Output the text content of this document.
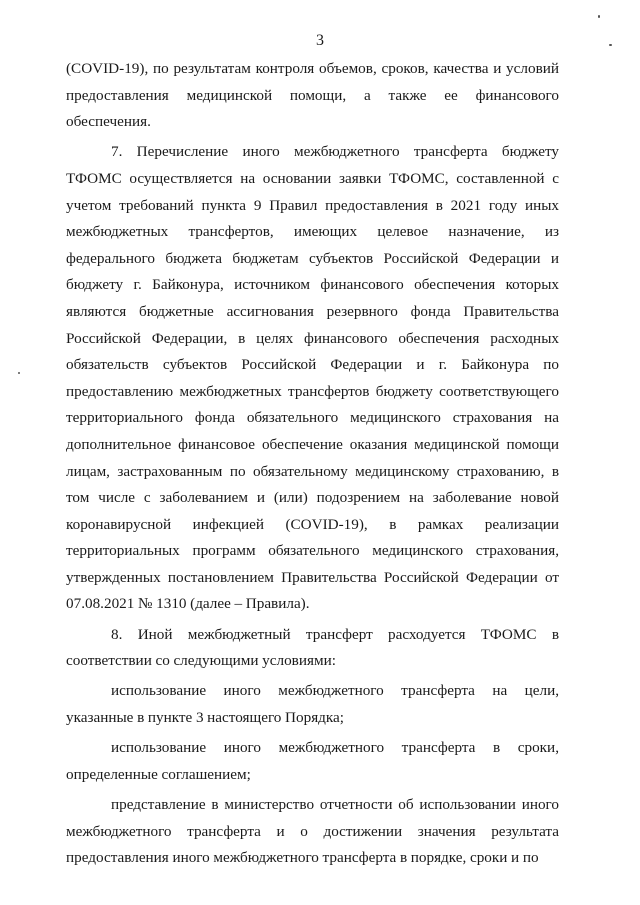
3

(COVID-19), по результатам контроля объемов, сроков, качества и условий предоставления медицинской помощи, а также ее финансового обеспечения.

7. Перечисление иного межбюджетного трансферта бюджету ТФОМС осуществляется на основании заявки ТФОМС, составленной с учетом требований пункта 9 Правил предоставления в 2021 году иных межбюджетных трансфертов, имеющих целевое назначение, из федерального бюджета бюджетам субъектов Российской Федерации и бюджету г. Байконура, источником финансового обеспечения которых являются бюджетные ассигнования резервного фонда Правительства Российской Федерации, в целях финансового обеспечения расходных обязательств субъектов Российской Федерации и г. Байконура по предоставлению межбюджетных трансфертов бюджету соответствующего территориального фонда обязательного медицинского страхования на дополнительное финансовое обеспечение оказания медицинской помощи лицам, застрахованным по обязательному медицинскому страхованию, в том числе с заболеванием и (или) подозрением на заболевание новой коронавирусной инфекцией (COVID-19), в рамках реализации территориальных программ обязательного медицинского страхования, утвержденных постановлением Правительства Российской Федерации от 07.08.2021 № 1310 (далее – Правила).

8. Иной межбюджетный трансферт расходуется ТФОМС в соответствии со следующими условиями:

использование иного межбюджетного трансферта на цели, указанные в пункте 3 настоящего Порядка;

использование иного межбюджетного трансферта в сроки, определенные соглашением;

представление в министерство отчетности об использовании иного межбюджетного трансферта и о достижении значения результата предоставления иного межбюджетного трансферта в порядке, сроки и по
